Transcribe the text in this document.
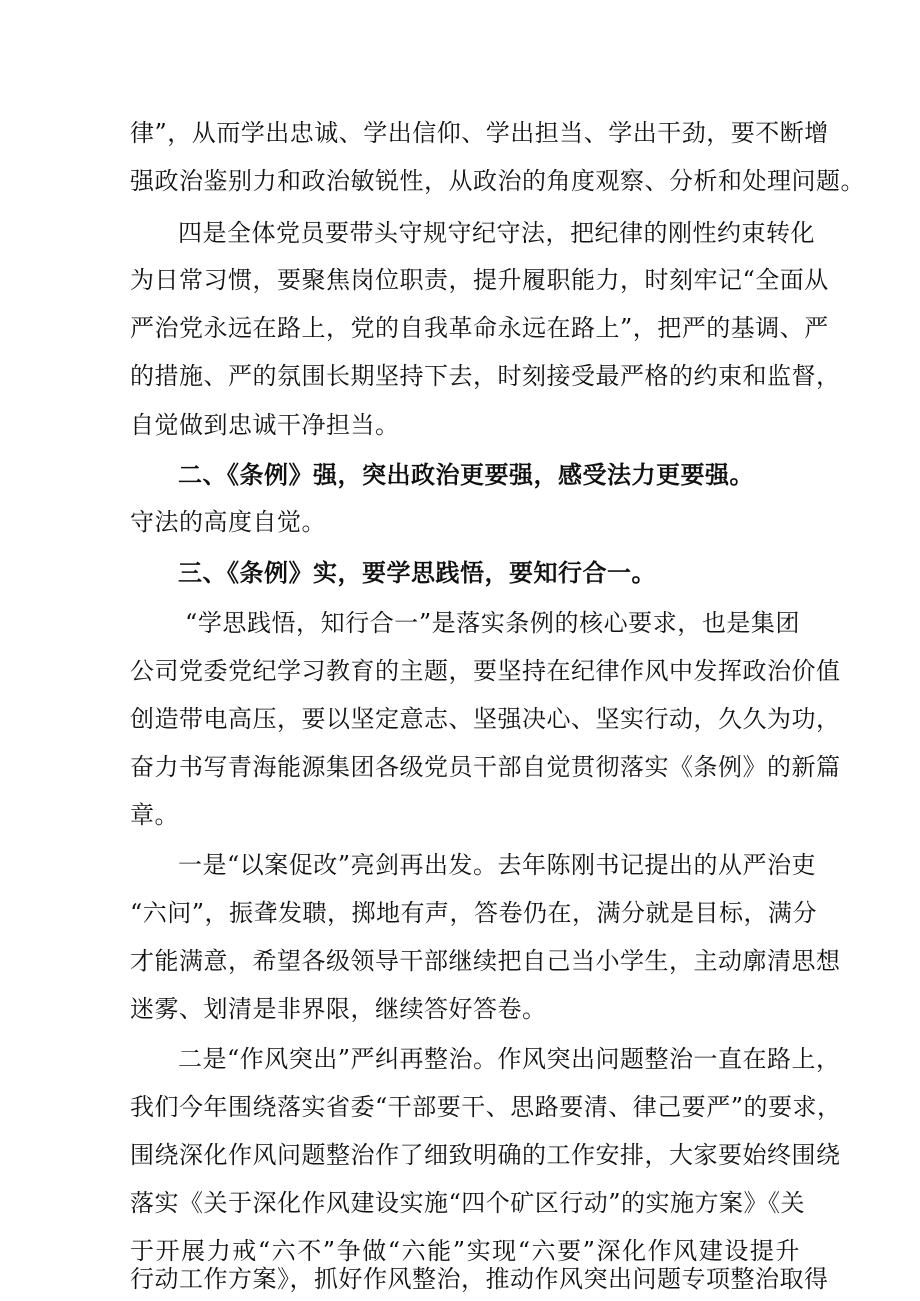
律”，从而学出忠诚、学出信仰、学出担当、学出干劲，要不断增
强政治鉴别力和政治敏锐性，从政治的角度观察、分析和处理问题。
四是全体党员要带头守规守纪守法，把纪律的刚性约束转化
为日常习惯，要聚焦岗位职责，提升履职能力，时刻牢记“全面从
严治党永远在路上，党的自我革命永远在路上”，把严的基调、严
的措施、严的氛围长期坚持下去，时刻接受最严格的约束和监督，
自觉做到忠诚干净担当。
二、《条例》强，突出政治更要强，感受法力更要强。
守法的高度自觉。
三、《条例》实，要学思践悟，要知行合一。
“学思践悟，知行合一”是落实条例的核心要求，也是集团
公司党委党纪学习教育的主题，要坚持在纪律作风中发挥政治价值
创造带电高压，要以坚定意志、坚强决心、坚实行动，久久为功，
奋力书写青海能源集团各级党员干部自觉贯彻落实《条例》的新篇
章。
一是“以案促改”亮剑再出发。去年陈刚书记提出的从严治吏
“六问”，振聋发聩，掷地有声，答卷仍在，满分就是目标，满分
才能满意，希望各级领导干部继续把自己当小学生，主动廓清思想
迷雾、划清是非界限，继续答好答卷。
二是“作风突出”严纠再整治。作风突出问题整治一直在路上，
我们今年围绕落实省委“干部要干、思路要清、律己要严”的要求，
围绕深化作风问题整治作了细致明确的工作安排，大家要始终围绕
落实《关于深化作风建设实施“四个矿区行动”的实施方案》《关
于开展力戒“六不”争做“六能”实现“六要”深化作风建设提升
行动工作方案》，抓好作风整治，推动作风突出问题专项整治取得
